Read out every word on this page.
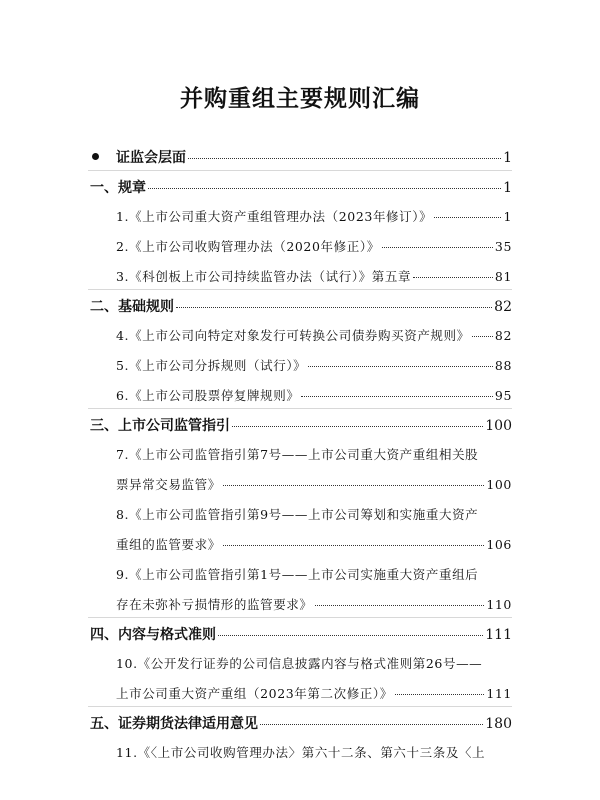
并购重组主要规则汇编
证监会层面	1
一、规章	1
1.《上市公司重大资产重组管理办法（2023年修订）》	1
2.《上市公司收购管理办法（2020年修正）》	35
3.《科创板上市公司持续监管办法（试行）》第五章	81
二、基础规则	82
4.《上市公司向特定对象发行可转换公司债券购买资产规则》 82
5.《上市公司分拆规则（试行）》	88
6.《上市公司股票停复牌规则》	95
三、上市公司监管指引	100
7.《上市公司监管指引第7号——上市公司重大资产重组相关股
票异常交易监管》	100
8.《上市公司监管指引第9号——上市公司筹划和实施重大资产
重组的监管要求》	106
9.《上市公司监管指引第1号——上市公司实施重大资产重组后
存在未弥补亏损情形的监管要求》	110
四、内容与格式准则	111
10.《公开发行证券的公司信息披露内容与格式准则第26号——
上市公司重大资产重组（2023年第二次修正）》	111
五、证券期货法律适用意见	180
11.《〈上市公司收购管理办法〉第六十二条、第六十三条及〈上
